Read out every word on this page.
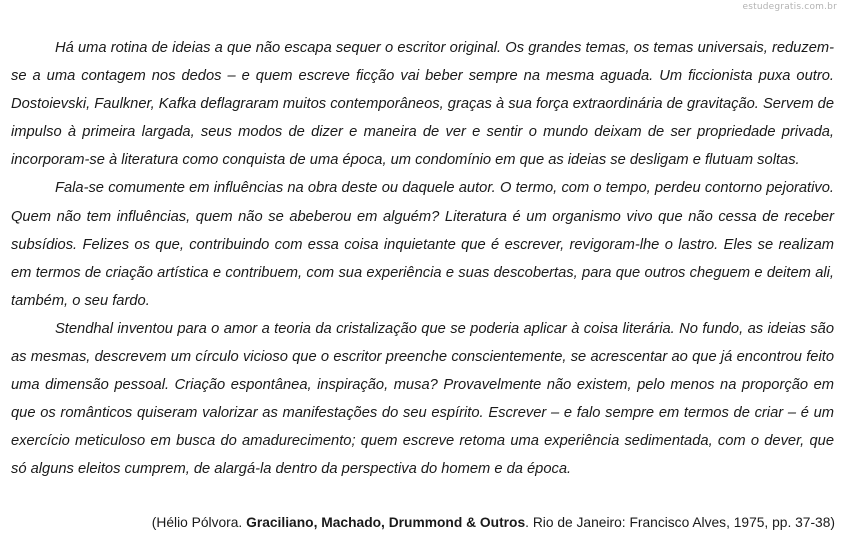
estudegratis.com.br

Há uma rotina de ideias a que não escapa sequer o escritor original. Os grandes temas, os temas universais, reduzem-se a uma contagem nos dedos – e quem escreve ficção vai beber sempre na mesma aguada. Um ficcionista puxa outro. Dostoievski, Faulkner, Kafka deflagraram muitos contemporâneos, graças à sua força extraordinária de gravitação. Servem de impulso à primeira largada, seus modos de dizer e maneira de ver e sentir o mundo deixam de ser propriedade privada, incorporam-se à literatura como conquista de uma época, um condomínio em que as ideias se desligam e flutuam soltas.

Fala-se comumente em influências na obra deste ou daquele autor. O termo, com o tempo, perdeu contorno pejorativo. Quem não tem influências, quem não se abeberou em alguém? Literatura é um organismo vivo que não cessa de receber subsídios. Felizes os que, contribuindo com essa coisa inquietante que é escrever, revigoram-lhe o lastro. Eles se realizam em termos de criação artística e contribuem, com sua experiência e suas descobertas, para que outros cheguem e deitem ali, também, o seu fardo.

Stendhal inventou para o amor a teoria da cristalização que se poderia aplicar à coisa literária. No fundo, as ideias são as mesmas, descrevem um círculo vicioso que o escritor preenche conscientemente, se acrescentar ao que já encontrou feito uma dimensão pessoal. Criação espontânea, inspiração, musa? Provavelmente não existem, pelo menos na proporção em que os românticos quiseram valorizar as manifestações do seu espírito. Escrever – e falo sempre em termos de criar – é um exercício meticuloso em busca do amadurecimento; quem escreve retoma uma experiência sedimentada, com o dever, que só alguns eleitos cumprem, de alargá-la dentro da perspectiva do homem e da época.

(Hélio Pólvora. Graciliano, Machado, Drummond & Outros. Rio de Janeiro: Francisco Alves, 1975, pp. 37-38)
